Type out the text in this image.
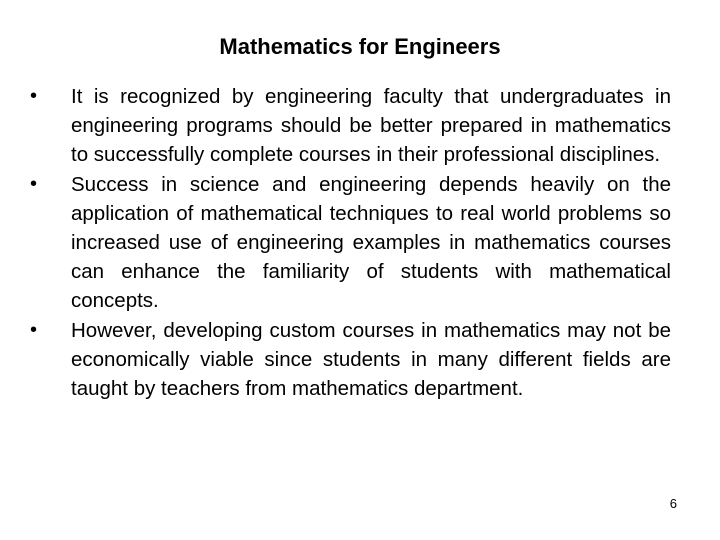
Mathematics for Engineers
• It is recognized by engineering faculty that undergraduates in engineering programs should be better prepared in mathematics to successfully complete courses in their professional disciplines.
• Success in science and engineering depends heavily on the application of mathematical techniques to real world problems so increased use of engineering examples in mathematics courses can enhance the familiarity of students with mathematical concepts.
• However, developing custom courses in mathematics may not be economically viable since students in many different fields are taught by teachers from mathematics department.
6
